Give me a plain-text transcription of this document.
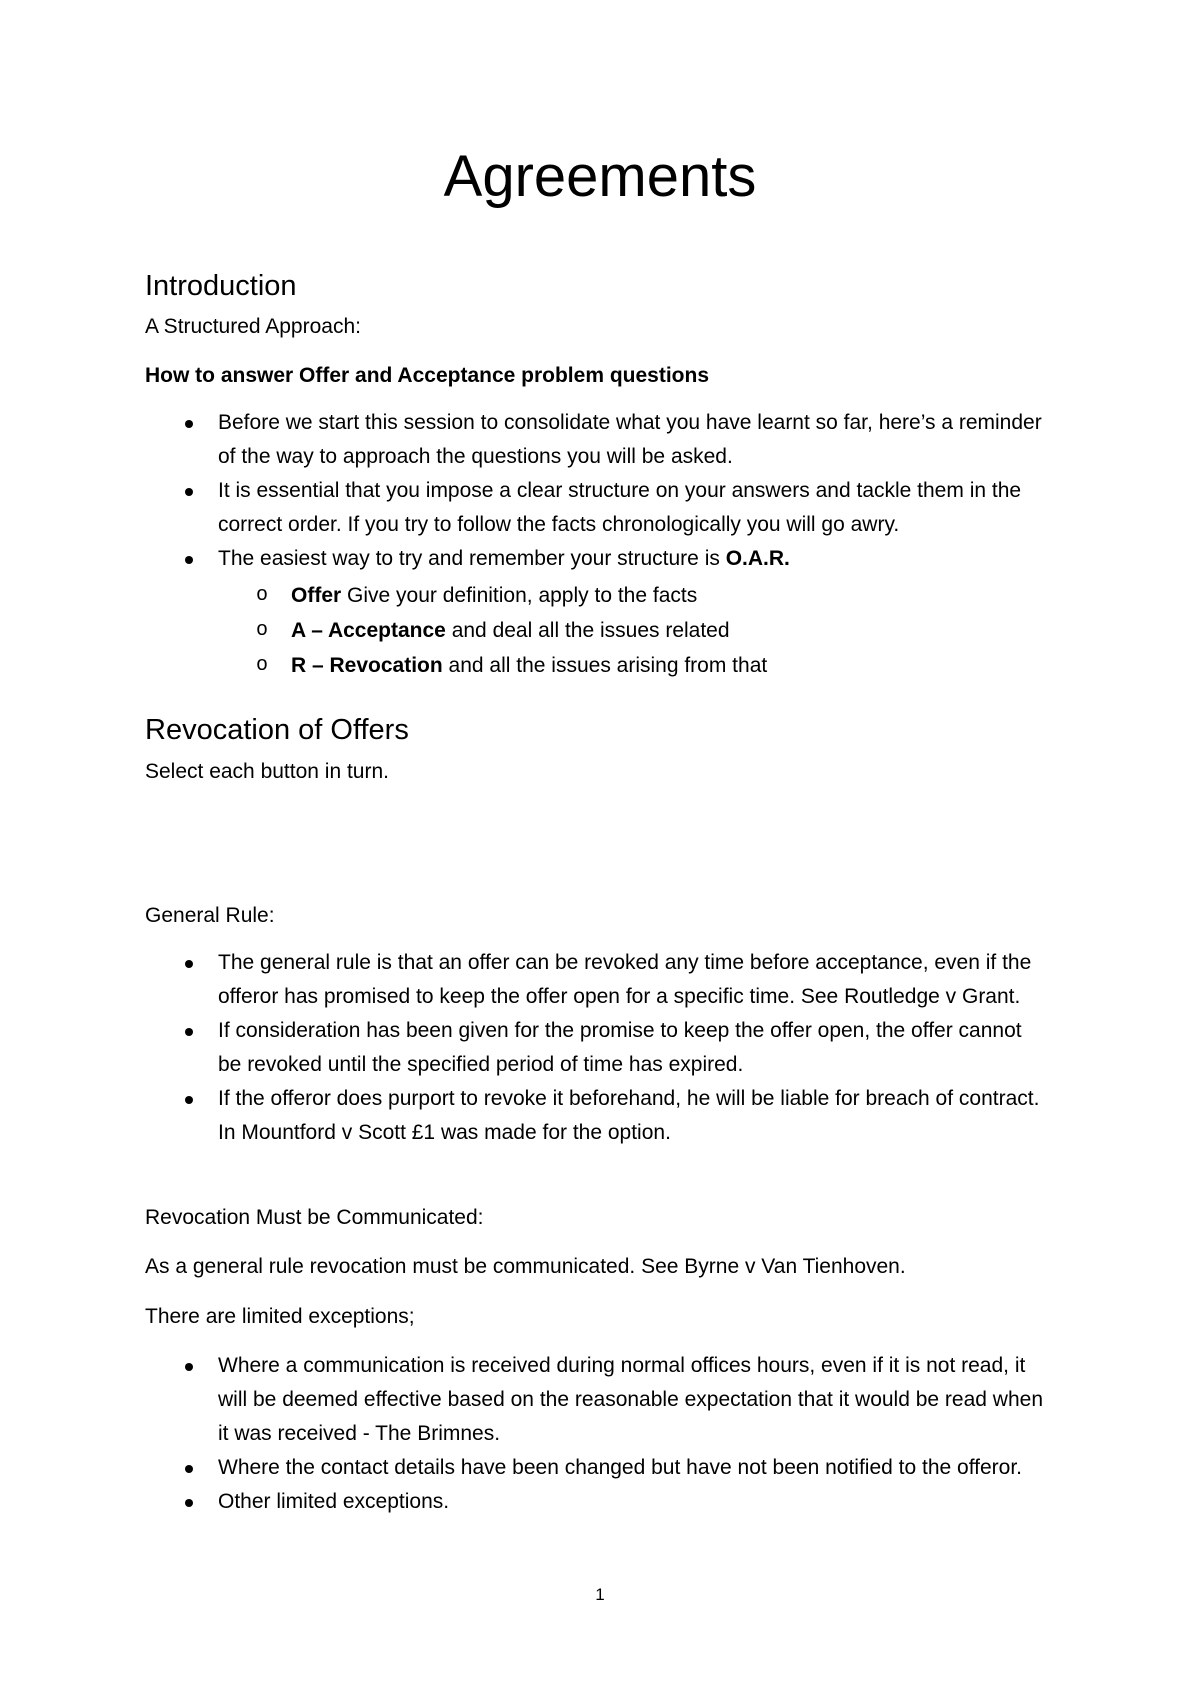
Agreements
Introduction
A Structured Approach:
How to answer Offer and Acceptance problem questions
Before we start this session to consolidate what you have learnt so far, here’s a reminder of the way to approach the questions you will be asked.
It is essential that you impose a clear structure on your answers and tackle them in the correct order. If you try to follow the facts chronologically you will go awry.
The easiest way to try and remember your structure is O.A.R.
o Offer Give your definition, apply to the facts
o A – Acceptance and deal all the issues related
o R – Revocation and all the issues arising from that
Revocation of Offers
Select each button in turn.
General Rule:
The general rule is that an offer can be revoked any time before acceptance, even if the offeror has promised to keep the offer open for a specific time. See Routledge v Grant.
If consideration has been given for the promise to keep the offer open, the offer cannot be revoked until the specified period of time has expired.
If the offeror does purport to revoke it beforehand, he will be liable for breach of contract. In Mountford v Scott £1 was made for the option.
Revocation Must be Communicated:
As a general rule revocation must be communicated. See Byrne v Van Tienhoven.
There are limited exceptions;
Where a communication is received during normal offices hours, even if it is not read, it will be deemed effective based on the reasonable expectation that it would be read when it was received - The Brimnes.
Where the contact details have been changed but have not been notified to the offeror.
Other limited exceptions.
1
